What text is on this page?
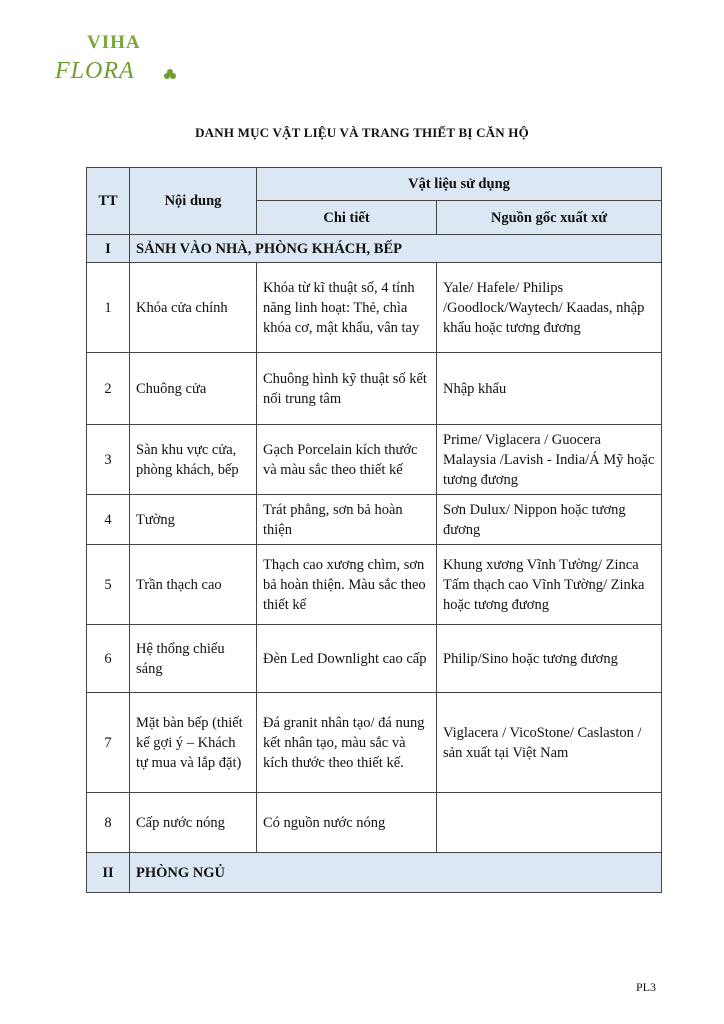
VIHA
FLORA
DANH MỤC VẬT LIỆU VÀ TRANG THIẾT BỊ CĂN HỘ
TT	Nội dung	Vật liệu sử dụng	
		Chi tiết	Nguồn gốc xuất xứ
I	SẢNH VÀO NHÀ, PHÒNG KHÁCH, BẾP		
1	Khóa cửa chính	Khóa từ kĩ thuật số, 4 tính năng linh hoạt: Thẻ, chìa khóa cơ, mật khẩu, vân tay	Yale/ Hafele/ Philips /Goodlock/Waytech/ Kaadas, nhập khẩu hoặc tương đương
2	Chuông cửa	Chuông hình kỹ thuật số kết nối trung tâm	Nhập khẩu
3	Sàn khu vực cửa, phòng khách, bếp	Gạch Porcelain kích thước và màu sắc theo thiết kế	Prime/ Viglacera / Guocera Malaysia /Lavish - India/Á Mỹ hoặc tương đương
4	Tường	Trát phẳng, sơn bả hoàn thiện	Sơn Dulux/ Nippon hoặc tương đương
5	Trần thạch cao	Thạch cao xương chìm, sơn bả hoàn thiện. Màu sắc theo thiết kế	Khung xương Vĩnh Tường/ Zinca
Tấm thạch cao Vĩnh Tường/ Zinka hoặc tương đương
6	Hệ thống chiếu sáng	Đèn Led Downlight cao cấp	Philip/Sino hoặc tương đương
7	Mặt bàn bếp (thiết kế gợi ý – Khách tự mua và lắp đặt)	Đá granit nhân tạo/ đá nung kết nhân tạo, màu sắc và kích thước theo thiết kế.	Viglacera / VicoStone/ Caslaston / sản xuất tại Việt Nam
8	Cấp nước nóng	Có nguồn nước nóng	
II	PHÒNG NGỦ		
PL3
